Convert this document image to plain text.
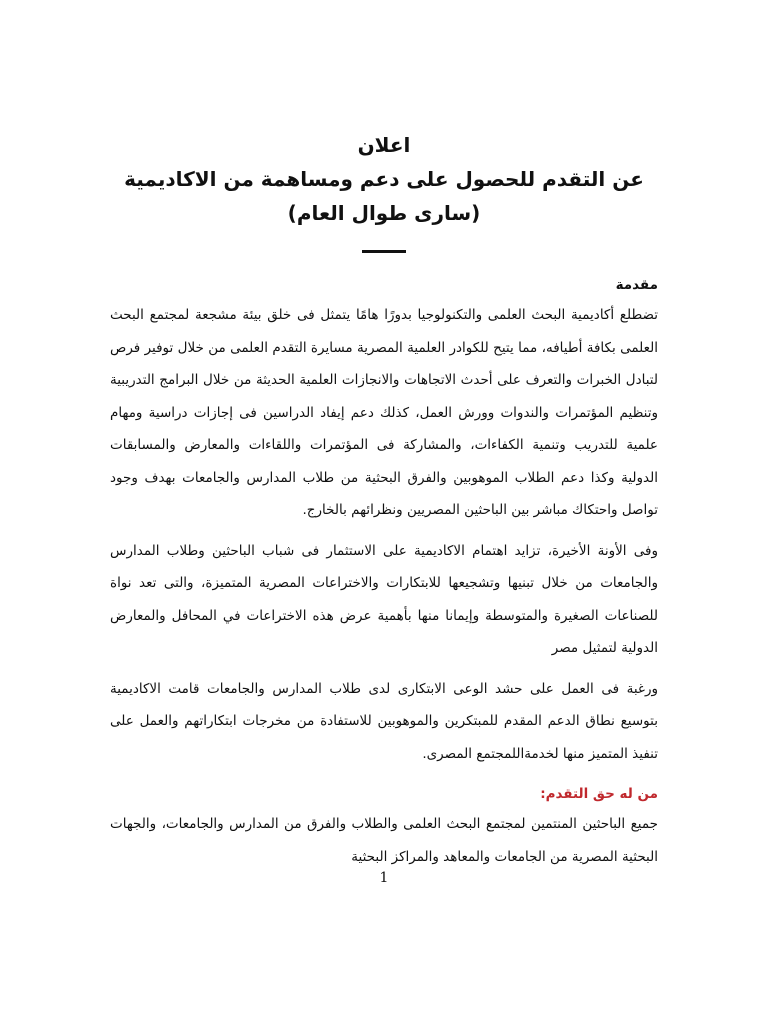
اعلان

عن التقدم للحصول على دعم ومساهمة من الاكاديمية

(سارى طوال العام)

مقدمة

تضطلع أكاديمية البحث العلمى والتكنولوجيا بدورًا هامًا يتمثل فى خلق بيئة مشجعة لمجتمع البحث العلمى بكافة أطيافه، مما يتيح للكوادر العلمية المصرية مسايرة التقدم العلمى من خلال توفير فرص لتبادل الخبرات والتعرف على أحدث الاتجاهات والانجازات العلمية الحديثة من خلال البرامج التدريبية وتنظيم المؤتمرات والندوات وورش العمل، كذلك دعم إيفاد الدراسين فى إجازات دراسية ومهام علمية للتدريب وتنمية الكفاءات، والمشاركة فى المؤتمرات واللقاءات والمعارض والمسابقات الدولية وكذا دعم الطلاب الموهوبين والفرق البحثية من طلاب المدارس والجامعات بهدف وجود تواصل واحتكاك مباشر بين الباحثين المصريين ونظرائهم بالخارج.

وفى الأونة الأخيرة، تزايد اهتمام الاكاديمية على الاستثمار فى شباب الباحثين وطلاب المدارس والجامعات من خلال تبنيها وتشجيعها للابتكارات والاختراعات المصرية المتميزة، والتى تعد نواة للصناعات الصغيرة والمتوسطة وإيمانا منها بأهمية عرض هذه الاختراعات في المحافل والمعارض الدولية لتمثيل مصر

ورغبة فى العمل على حشد الوعى الابتكارى لدى طلاب المدارس والجامعات قامت الاكاديمية بتوسيع نطاق الدعم المقدم للمبتكرين والموهوبين للاستفادة من مخرجات ابتكاراتهم والعمل على تنفيذ المتميز منها لخدمةاللمجتمع المصرى.

من له حق التقدم:

جميع الباحثين المنتمين لمجتمع البحث العلمى والطلاب والفرق من المدارس والجامعات، والجهات البحثية المصرية من الجامعات والمعاهد والمراكز البحثية

1
